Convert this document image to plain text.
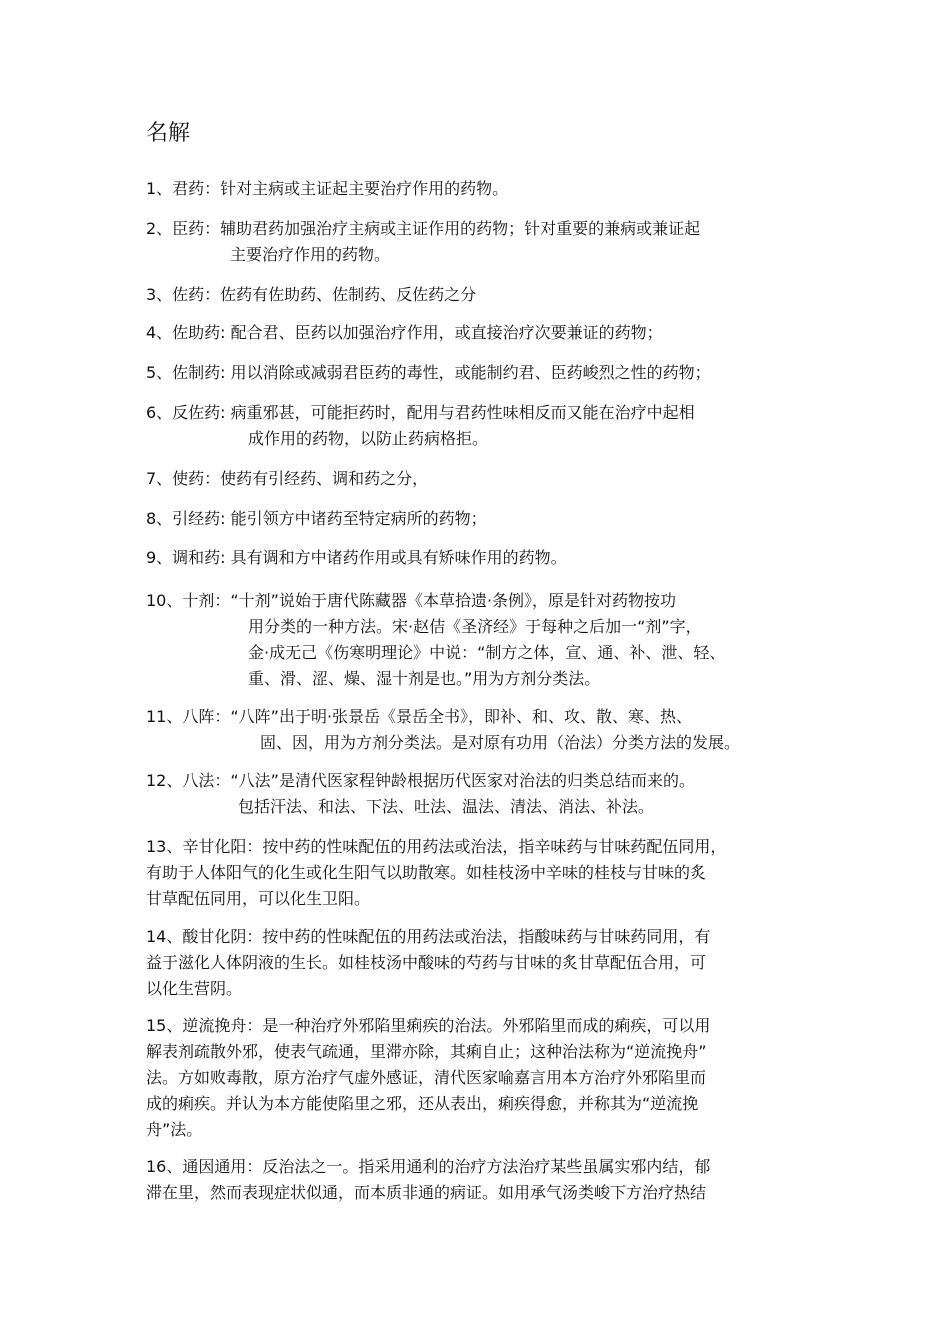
名解
1、君药：针对主病或主证起主要治疗作用的药物。
2、臣药：辅助君药加强治疗主病或主证作用的药物；针对重要的兼病或兼证起
主要治疗作用的药物。
3、佐药：佐药有佐助药、佐制药、反佐药之分
4、佐助药: 配合君、臣药以加强治疗作用，或直接治疗次要兼证的药物；
5、佐制药: 用以消除或减弱君臣药的毒性，或能制约君、臣药峻烈之性的药物；
6、反佐药: 病重邪甚，可能拒药时，配用与君药性味相反而又能在治疗中起相
成作用的药物，以防止药病格拒。
7、使药：使药有引经药、调和药之分，
8、引经药: 能引领方中诸药至特定病所的药物；
9、调和药: 具有调和方中诸药作用或具有矫味作用的药物。
10、十剂：“十剂”说始于唐代陈藏器《本草拾遗·条例》，原是针对药物按功
用分类的一种方法。宋·赵佶《圣济经》于每种之后加一“剂”字，
金·成无己《伤寒明理论》中说：“制方之体，宣、通、补、泄、轻、
重、滑、涩、燥、湿十剂是也。”用为方剂分类法。
11、八阵：“八阵”出于明·张景岳《景岳全书》，即补、和、攻、散、寒、热、
固、因，用为方剂分类法。是对原有功用（治法）分类方法的发展。
12、八法：“八法”是清代医家程钟龄根据历代医家对治法的归类总结而来的。
包括汗法、和法、下法、吐法、温法、清法、消法、补法。
13、辛甘化阳：按中药的性味配伍的用药法或治法，指辛味药与甘味药配伍同用，
有助于人体阳气的化生或化生阳气以助散寒。如桂枝汤中辛味的桂枝与甘味的炙
甘草配伍同用，可以化生卫阳。
14、酸甘化阴：按中药的性味配伍的用药法或治法，指酸味药与甘味药同用，有
益于滋化人体阴液的生长。如桂枝汤中酸味的芍药与甘味的炙甘草配伍合用，可
以化生营阴。
15、逆流挽舟：是一种治疗外邪陷里痢疾的治法。外邪陷里而成的痢疾，可以用
解表剂疏散外邪，使表气疏通，里滞亦除，其痢自止；这种治法称为“逆流挽舟”
法。方如败毒散，原方治疗气虚外感证，清代医家喻嘉言用本方治疗外邪陷里而
成的痢疾。并认为本方能使陷里之邪，还从表出，痢疾得愈，并称其为“逆流挽
舟”法。
16、通因通用：反治法之一。指采用通利的治疗方法治疗某些虽属实邪内结，郁
滞在里，然而表现症状似通，而本质非通的病证。如用承气汤类峻下方治疗热结
